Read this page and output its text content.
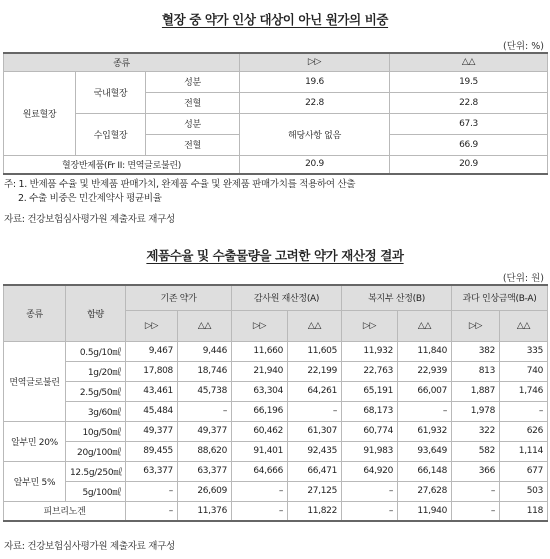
혈장 중 약가 인상 대상이 아닌 원가의 비중
(단위: %)
종류			▷▷	△△
원료혈장	국내혈장	성분	19.6	19.5
		전혈	22.8	22.8
	수입혈장	성분	해당사항 없음	67.3
		전혈		66.9
혈장반제품(Fr II: 면역글로불린)			20.9	20.9
주: 1. 반제품 수율 및 반제품 판매가치, 완제품 수율 및 완제품 판매가치를 적용하여 산출
2. 수출 비중은 민간제약사 평균비율
자료: 건강보험심사평가원 제출자료 재구성
제품수율 및 수출물량을 고려한 약가 재산정 결과
(단위: 원)
종류	함량	기존 약가		감사원 재산정(A)		복지부 산정(B)		과다 인상금액(B-A)	
		▷▷	△△	▷▷	△△	▷▷	△△	▷▷	△△
면역글로불린	0.5g/10㎖	9,467	9,446	11,660	11,605	11,932	11,840	382	335
	1g/20㎖	17,808	18,746	21,940	22,199	22,763	22,939	813	740
	2.5g/50㎖	43,461	45,738	63,304	64,261	65,191	66,007	1,887	1,746
	3g/60㎖	45,484	–	66,196	–	68,173	–	1,978	–
알부민 20%	10g/50㎖	49,377	49,377	60,462	61,307	60,774	61,932	322	626
	20g/100㎖	89,455	88,620	91,401	92,435	91,983	93,649	582	1,114
알부민 5%	12.5g/250㎖	63,377	63,377	64,666	66,471	64,920	66,148	366	677
	5g/100㎖	–	26,609	–	27,125	–	27,628	–	503
피브리노겐		–	11,376	–	11,822	–	11,940	–	118
자료: 건강보험심사평가원 제출자료 재구성
